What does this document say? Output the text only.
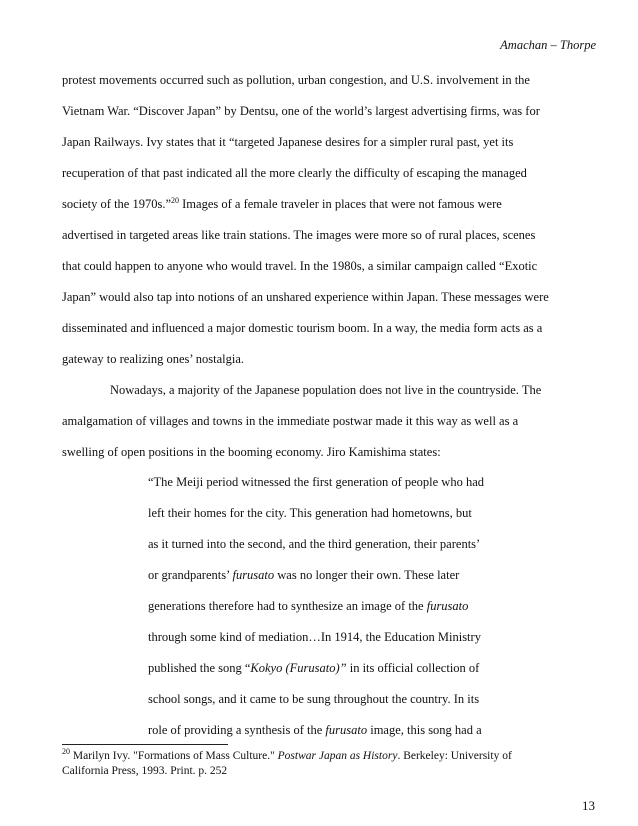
Amachan – Thorpe
protest movements occurred such as pollution, urban congestion, and U.S. involvement in the
Vietnam War. “Discover Japan” by Dentsu, one of the world’s largest advertising firms, was for
Japan Railways. Ivy states that it “targeted Japanese desires for a simpler rural past, yet its
recuperation of that past indicated all the more clearly the difficulty of escaping the managed
society of the 1970s.”$^{20}$ Images of a female traveler in places that were not famous were
advertised in targeted areas like train stations. The images were more so of rural places, scenes
that could happen to anyone who would travel. In the 1980s, a similar campaign called “Exotic
Japan” would also tap into notions of an unshared experience within Japan. These messages were
disseminated and influenced a major domestic tourism boom. In a way, the media form acts as a
gateway to realizing ones’ nostalgia.
Nowadays, a majority of the Japanese population does not live in the countryside. The
amalgamation of villages and towns in the immediate postwar made it this way as well as a
swelling of open positions in the booming economy. Jiro Kamishima states:
“The Meiji period witnessed the first generation of people who had
left their homes for the city. This generation had hometowns, but
as it turned into the second, and the third generation, their parents’
or grandparents’ furusato was no longer their own. These later
generations therefore had to synthesize an image of the furusato
through some kind of mediation…In 1914, the Education Ministry
published the song “Kokyo (Furusato)” in its official collection of
school songs, and it came to be sung throughout the country. In its
role of providing a synthesis of the furusato image, this song had a
$^{20}$ Marilyn Ivy. "Formations of Mass Culture." Postwar Japan as History. Berkeley: University of
California Press, 1993. Print. p. 252
13
